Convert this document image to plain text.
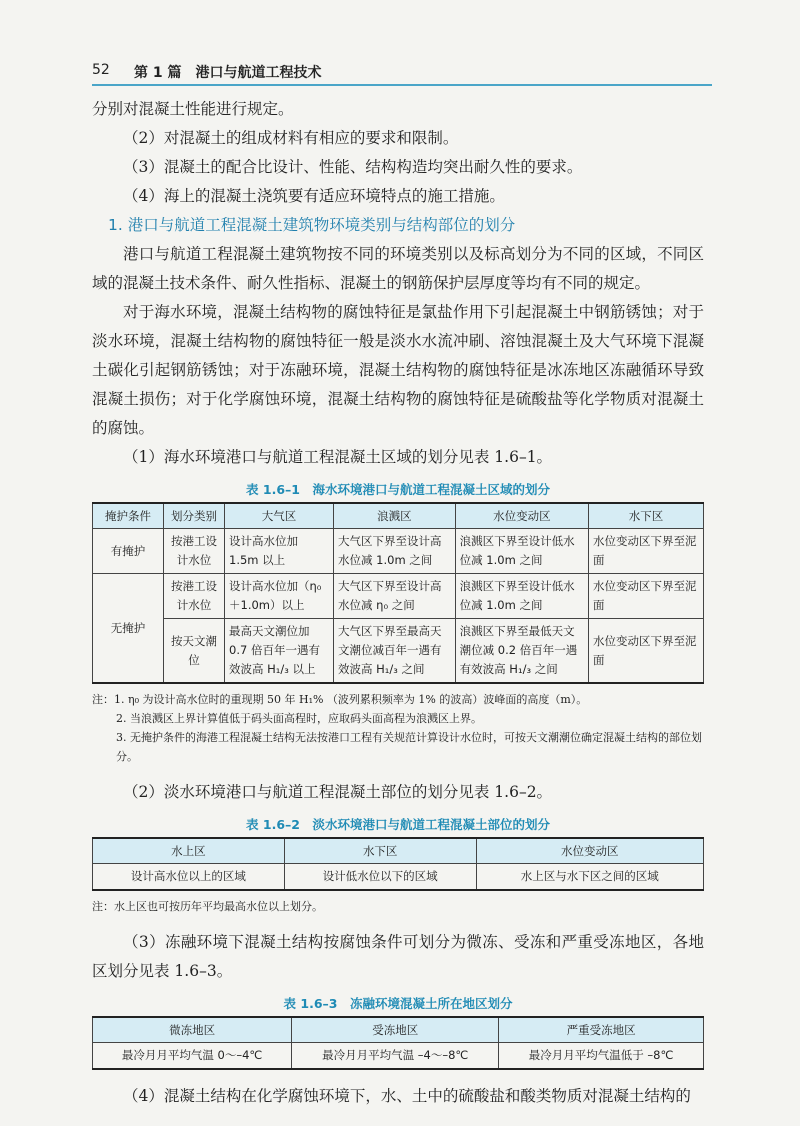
52 第 1 篇　港口与航道工程技术

分别对混凝土性能进行规定。

（2）对混凝土的组成材料有相应的要求和限制。

（3）混凝土的配合比设计、性能、结构构造均突出耐久性的要求。

（4）海上的混凝土浇筑要有适应环境特点的施工措施。

1. 港口与航道工程混凝土建筑物环境类别与结构部位的划分

港口与航道工程混凝土建筑物按不同的环境类别以及标高划分为不同的区域，不同区域的混凝土技术条件、耐久性指标、混凝土的钢筋保护层厚度等均有不同的规定。

对于海水环境，混凝土结构物的腐蚀特征是氯盐作用下引起混凝土中钢筋锈蚀；对于淡水环境，混凝土结构物的腐蚀特征一般是淡水水流冲刷、溶蚀混凝土及大气环境下混凝土碳化引起钢筋锈蚀；对于冻融环境，混凝土结构物的腐蚀特征是冰冻地区冻融循环导致混凝土损伤；对于化学腐蚀环境，混凝土结构物的腐蚀特征是硫酸盐等化学物质对混凝土的腐蚀。

（1）海水环境港口与航道工程混凝土区域的划分见表 1.6–1。

表 1.6–1　海水环境港口与航道工程混凝土区域的划分
掩护条件	划分类别	大气区	浪溅区	水位变动区	水下区
有掩护	按港工设计水位	设计高水位加 1.5m 以上	大气区下界至设计高水位减 1.0m 之间	浪溅区下界至设计低水位减 1.0m 之间	水位变动区下界至泥面
无掩护	按港工设计水位	设计高水位加（η₀＋1.0m）以上	大气区下界至设计高水位减 η₀ 之间	浪溅区下界至设计低水位减 1.0m 之间	水位变动区下界至泥面
	按天文潮位	最高天文潮位加 0.7 倍百年一遇有效波高 H₁/₃ 以上	大气区下界至最高天文潮位减百年一遇有效波高 H₁/₃ 之间	浪溅区下界至最低天文潮位减 0.2 倍百年一遇有效波高 H₁/₃ 之间	水位变动区下界至泥面
注：1. η₀ 为设计高水位时的重现期 50 年 H₁% （波列累积频率为 1% 的波高）波峰面的高度（m）。
2. 当浪溅区上界计算值低于码头面高程时，应取码头面高程为浪溅区上界。
3. 无掩护条件的海港工程混凝土结构无法按港口工程有关规范计算设计水位时，可按天文潮潮位确定混凝土结构的部位划分。

（2）淡水环境港口与航道工程混凝土部位的划分见表 1.6–2。

表 1.6–2　淡水环境港口与航道工程混凝土部位的划分
水上区	水下区	水位变动区
设计高水位以上的区域	设计低水位以下的区域	水上区与水下区之间的区域
注：水上区也可按历年平均最高水位以上划分。

（3）冻融环境下混凝土结构按腐蚀条件可划分为微冻、受冻和严重受冻地区，各地区划分见表 1.6–3。

表 1.6–3　冻融环境混凝土所在地区划分
微冻地区	受冻地区	严重受冻地区
最冷月月平均气温 0～–4℃	最冷月月平均气温 –4～–8℃	最冷月月平均气温低于 –8℃

（4）混凝土结构在化学腐蚀环境下，水、土中的硫酸盐和酸类物质对混凝土结构的
